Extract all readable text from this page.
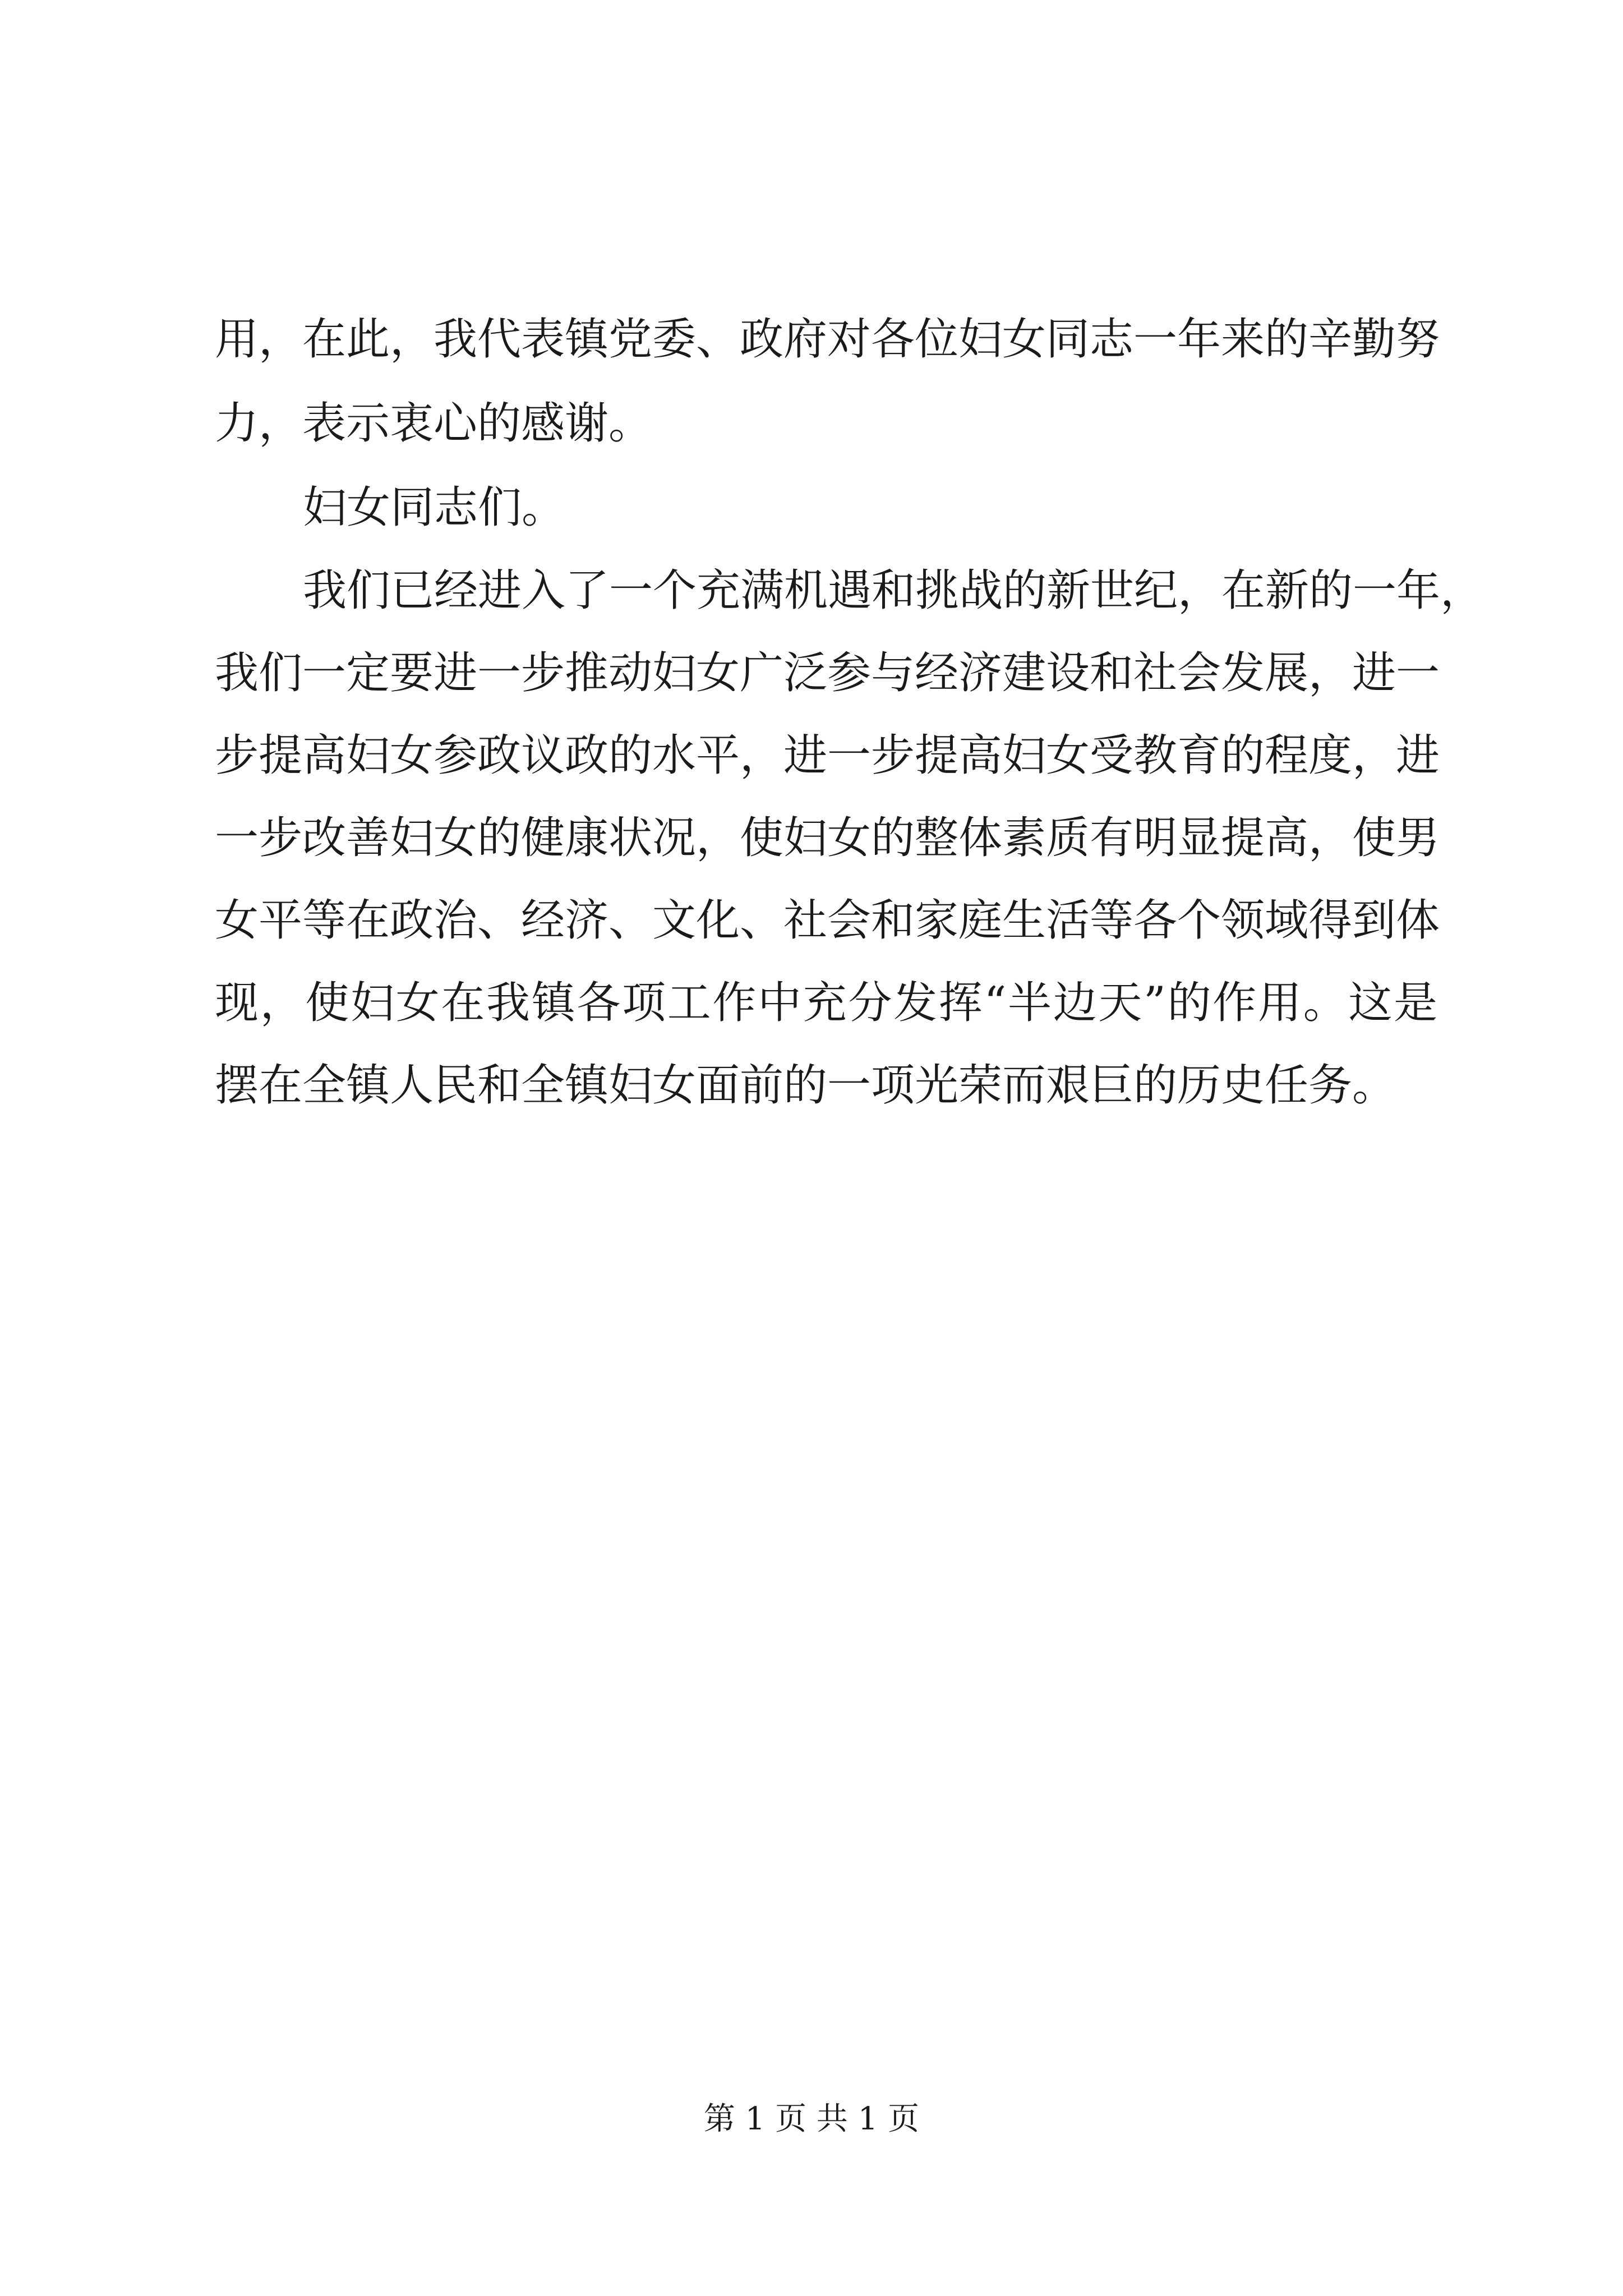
用，在此，我代表镇党委、政府对各位妇女同志一年来的辛勤努
力，表示衷心的感谢。
妇女同志们。
我们已经进入了一个充满机遇和挑战的新世纪，在新的一年，
我们一定要进一步推动妇女广泛参与经济建设和社会发展，进一
步提高妇女参政议政的水平，进一步提高妇女受教育的程度，进
一步改善妇女的健康状况，使妇女的整体素质有明显提高，使男
女平等在政治、经济、文化、社会和家庭生活等各个领域得到体
现，使妇女在我镇各项工作中充分发挥“半边天”的作用。这是
摆在全镇人民和全镇妇女面前的一项光荣而艰巨的历史任务。
第 1 页 共 1 页
